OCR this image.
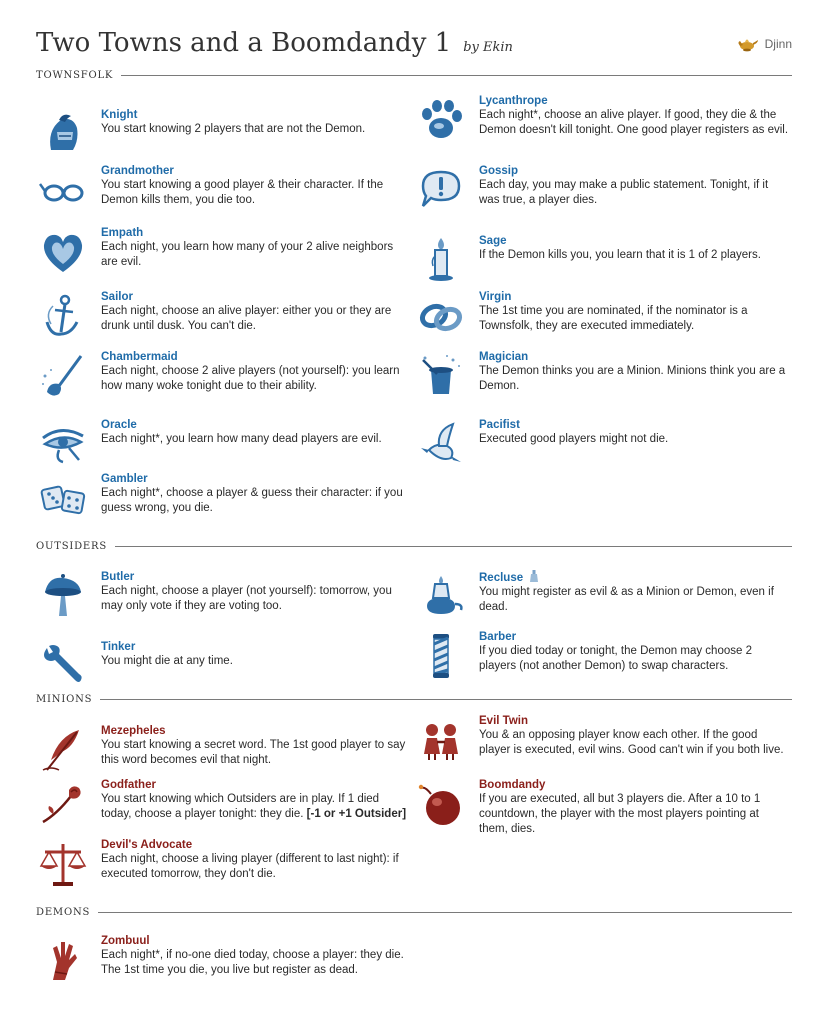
Two Towns and a Boomdandy 1 by Ekin	Djinn
TOWNSFOLK
Knight
You start knowing 2 players that are not the Demon.
Grandmother
You start knowing a good player & their character. If the Demon kills them, you die too.
Empath
Each night, you learn how many of your 2 alive neighbors are evil.
Sailor
Each night, choose an alive player: either you or they are drunk until dusk. You can't die.
Chambermaid
Each night, choose 2 alive players (not yourself): you learn how many woke tonight due to their ability.
Oracle
Each night*, you learn how many dead players are evil.
Gambler
Each night*, choose a player & guess their character: if you guess wrong, you die.
Lycanthrope
Each night*, choose an alive player. If good, they die & the Demon doesn't kill tonight. One good player registers as evil.
Gossip
Each day, you may make a public statement. Tonight, if it was true, a player dies.
Sage
If the Demon kills you, you learn that it is 1 of 2 players.
Virgin
The 1st time you are nominated, if the nominator is a Townsfolk, they are executed immediately.
Magician
The Demon thinks you are a Minion. Minions think you are a Demon.
Pacifist
Executed good players might not die.
OUTSIDERS
Butler
Each night, choose a player (not yourself): tomorrow, you may only vote if they are voting too.
Tinker
You might die at any time.
Recluse
You might register as evil & as a Minion or Demon, even if dead.
Barber
If you died today or tonight, the Demon may choose 2 players (not another Demon) to swap characters.
MINIONS
Mezepheles
You start knowing a secret word. The 1st good player to say this word becomes evil that night.
Godfather
You start knowing which Outsiders are in play. If 1 died today, choose a player tonight: they die. [-1 or +1 Outsider]
Devil's Advocate
Each night, choose a living player (different to last night): if executed tomorrow, they don't die.
Evil Twin
You & an opposing player know each other. If the good player is executed, evil wins. Good can't win if you both live.
Boomdandy
If you are executed, all but 3 players die. After a 10 to 1 countdown, the player with the most players pointing at them, dies.
DEMONS
Zombuul
Each night*, if no-one died today, choose a player: they die. The 1st time you die, you live but register as dead.
